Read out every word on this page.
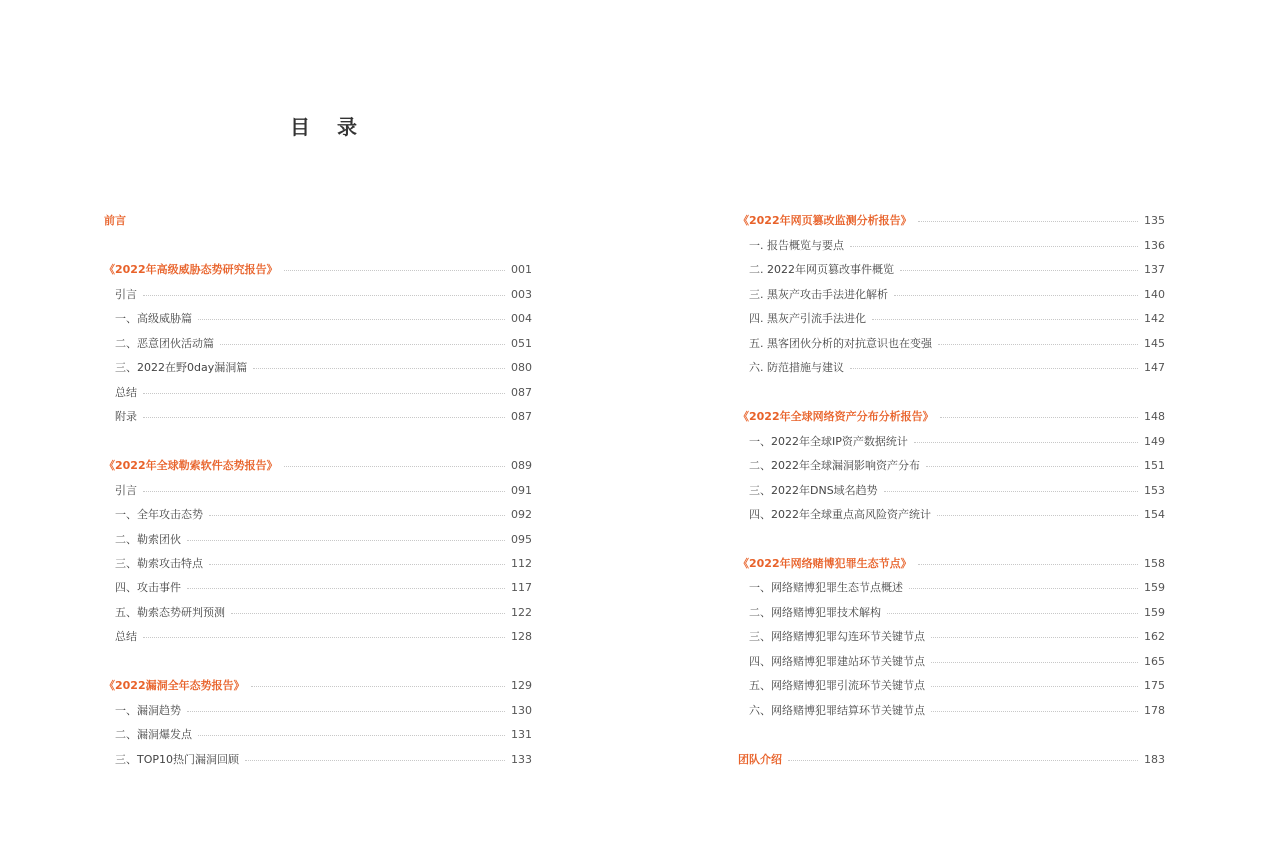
目 录
前言
《2022年高级威胁态势研究报告》	001
引言	003
一、高级威胁篇	004
二、恶意团伙活动篇	051
三、2022在野0day漏洞篇	080
总结	087
附录	087
《2022年全球勒索软件态势报告》	089
引言	091
一、全年攻击态势	092
二、勒索团伙	095
三、勒索攻击特点	112
四、攻击事件	117
五、勒索态势研判预测	122
总结	128
《2022漏洞全年态势报告》	129
一、漏洞趋势	130
二、漏洞爆发点	131
三、TOP10热门漏洞回顾	133
《2022年网页篡改监测分析报告》	135
一. 报告概览与要点	136
二. 2022年网页篡改事件概览	137
三. 黑灰产攻击手法进化解析	140
四. 黑灰产引流手法进化	142
五. 黑客团伙分析的对抗意识也在变强	145
六. 防范措施与建议	147
《2022年全球网络资产分布分析报告》	148
一、2022年全球IP资产数据统计	149
二、2022年全球漏洞影响资产分布	151
三、2022年DNS域名趋势	153
四、2022年全球重点高风险资产统计	154
《2022年网络赌博犯罪生态节点》	158
一、网络赌博犯罪生态节点概述	159
二、网络赌博犯罪技术解构	159
三、网络赌博犯罪勾连环节关键节点	162
四、网络赌博犯罪建站环节关键节点	165
五、网络赌博犯罪引流环节关键节点	175
六、网络赌博犯罪结算环节关键节点	178
团队介绍	183
